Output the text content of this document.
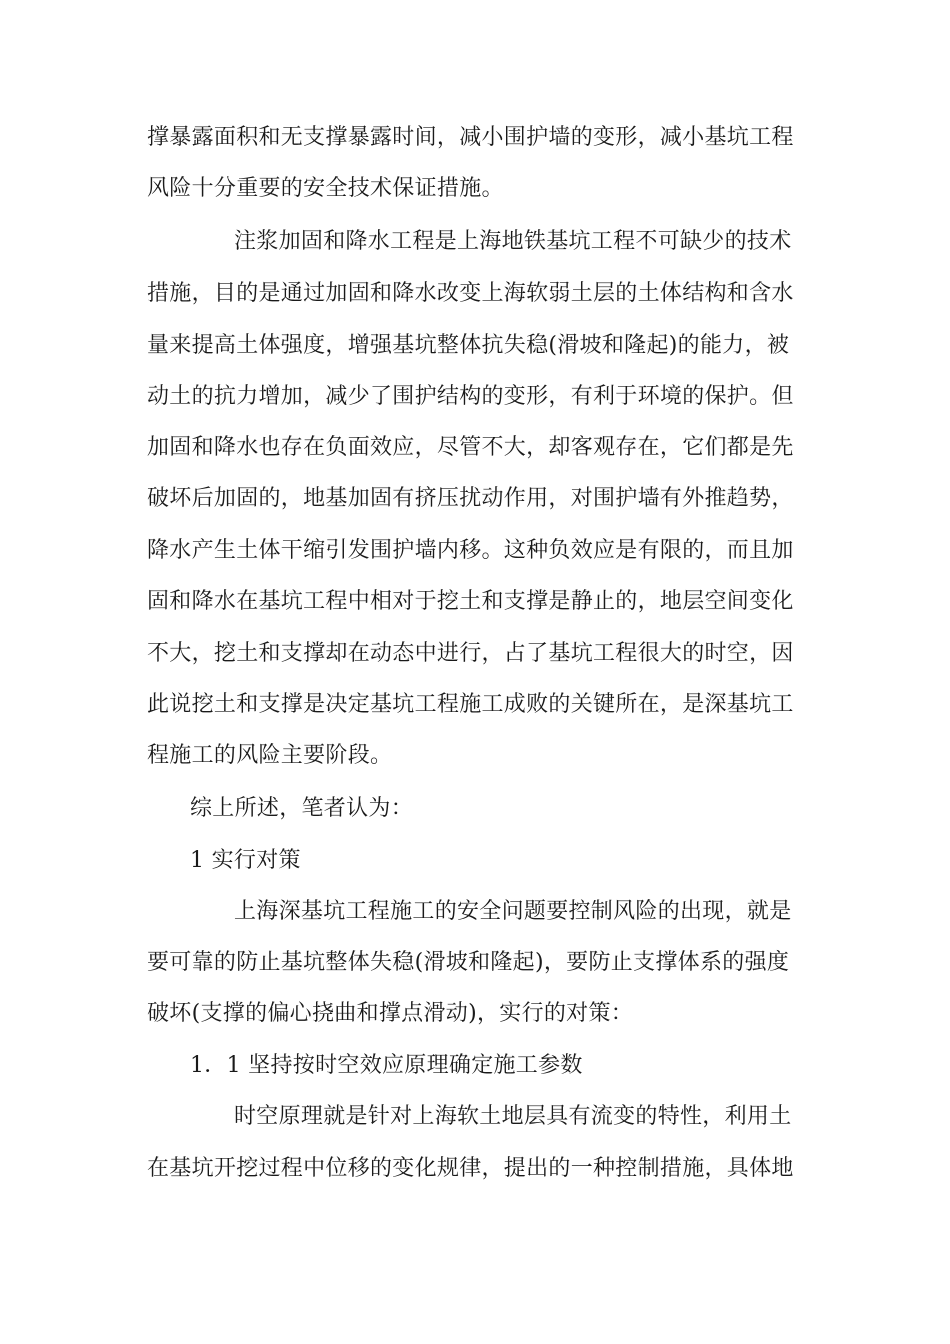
撑暴露面积和无支撑暴露时间，减小围护墙的变形，减小基坑工程
风险十分重要的安全技术保证措施。
注浆加固和降水工程是上海地铁基坑工程不可缺少的技术
措施，目的是通过加固和降水改变上海软弱土层的土体结构和含水
量来提高土体强度，增强基坑整体抗失稳(滑坡和隆起)的能力，被
动土的抗力增加，减少了围护结构的变形，有利于环境的保护。但
加固和降水也存在负面效应，尽管不大，却客观存在，它们都是先
破坏后加固的，地基加固有挤压扰动作用，对围护墙有外推趋势，
降水产生土体干缩引发围护墙内移。这种负效应是有限的，而且加
固和降水在基坑工程中相对于挖土和支撑是静止的，地层空间变化
不大，挖土和支撑却在动态中进行，占了基坑工程很大的时空，因
此说挖土和支撑是决定基坑工程施工成败的关键所在，是深基坑工
程施工的风险主要阶段。
综上所述，笔者认为：
1 实行对策
上海深基坑工程施工的安全问题要控制风险的出现，就是
要可靠的防止基坑整体失稳(滑坡和隆起)，要防止支撑体系的强度
破坏(支撑的偏心挠曲和撑点滑动)，实行的对策：
1．1 坚持按时空效应原理确定施工参数
时空原理就是针对上海软土地层具有流变的特性，利用土
在基坑开挖过程中位移的变化规律，提出的一种控制措施，具体地
